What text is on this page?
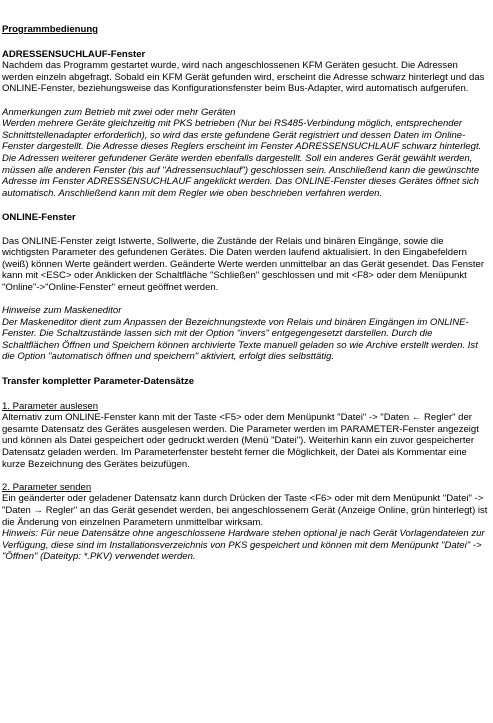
Programmbedienung

ADRESSENSUCHLAUF-Fenster

Nachdem das Programm gestartet wurde, wird nach angeschlossenen KFM Geräten gesucht. Die Adressen werden einzeln abgefragt. Sobald ein KFM Gerät gefunden wird, erscheint die Adresse schwarz hinterlegt und das ONLINE-Fenster, beziehungsweise das Konfigurationsfenster beim Bus-Adapter, wird automatisch aufgerufen.

Anmerkungen zum Betrieb mit zwei oder mehr Geräten

Werden mehrere Geräte gleichzeitig mit PKS betrieben (Nur bei RS485-Verbindung möglich, entsprechender Schnittstellenadapter erforderlich), so wird das erste gefundene Gerät registriert und dessen Daten im Online-Fenster dargestellt. Die Adresse dieses Reglers erscheint im Fenster ADRESSENSUCHLAUF schwarz hinterlegt.

Die Adressen weiterer gefundener Geräte werden ebenfalls dargestellt. Soll ein anderes Gerät gewählt werden, müssen alle anderen Fenster (bis auf "Adressensuchlauf") geschlossen sein. Anschließend kann die gewünschte Adresse im Fenster ADRESSENSUCHLAUF angeklickt werden. Das ONLINE-Fenster dieses Gerätes öffnet sich automatisch. Anschließend kann mit dem Regler wie oben beschrieben verfahren werden.

ONLINE-Fenster

Das ONLINE-Fenster zeigt Istwerte, Sollwerte, die Zustände der Relais und binären Eingänge, sowie die wichtigsten Parameter des gefundenen Gerätes. Die Daten werden laufend aktualisiert. In den Eingabefeldern (weiß) können Werte geändert werden. Geänderte Werte werden unmittelbar an das Gerät gesendet. Das Fenster kann mit <ESC> oder Anklicken der Schaltfläche "Schließen" geschlossen und mit <F8> oder dem Menüpunkt "Online"->"Online-Fenster" erneut geöffnet werden.

Hinweise zum Maskeneditor

Der Maskeneditor dient zum Anpassen der Bezeichnungstexte von Relais und binären Eingängen im ONLINE-Fenster. Die Schaltzustände lassen sich mit der Option "invers" entgegengesetzt darstellen. Durch die Schaltflächen Öffnen und Speichern können archivierte Texte manuell geladen so wie Archive erstellt werden. Ist die Option "automatisch öffnen und speichern" aktiviert, erfolgt dies selbsttätig.

Transfer kompletter Parameter-Datensätze

1. Parameter auslesen

Alternativ zum ONLINE-Fenster kann mit der Taste <F5> oder dem Menüpunkt "Datei" -> "Daten ← Regler" der gesamte Datensatz des Gerätes ausgelesen werden. Die Parameter werden im PARAMETER-Fenster angezeigt und können als Datei gespeichert oder gedruckt werden (Menü "Datei"). Weiterhin kann ein zuvor gespeicherter Datensatz geladen werden. Im Parameterfenster besteht ferner die Möglichkeit, der Datei als Kommentar eine kurze Bezeichnung des Gerätes beizufügen.

2. Parameter senden

Ein geänderter oder geladener Datensatz kann durch Drücken der Taste <F6> oder mit dem Menüpunkt "Datei" -> "Daten → Regler" an das Gerät gesendet werden, bei angeschlossenem Gerät (Anzeige Online, grün hinterlegt) ist die Änderung von einzelnen Parametern unmittelbar wirksam.

Hinweis: Für neue Datensätze ohne angeschlossene Hardware stehen optional je nach Gerät Vorlagendateien zur Verfügung, diese sind im Installationsverzeichnis von PKS gespeichert und können mit dem Menüpunkt "Datei" -> "Öffnen" (Dateityp: *.PKV) verwendet werden.
